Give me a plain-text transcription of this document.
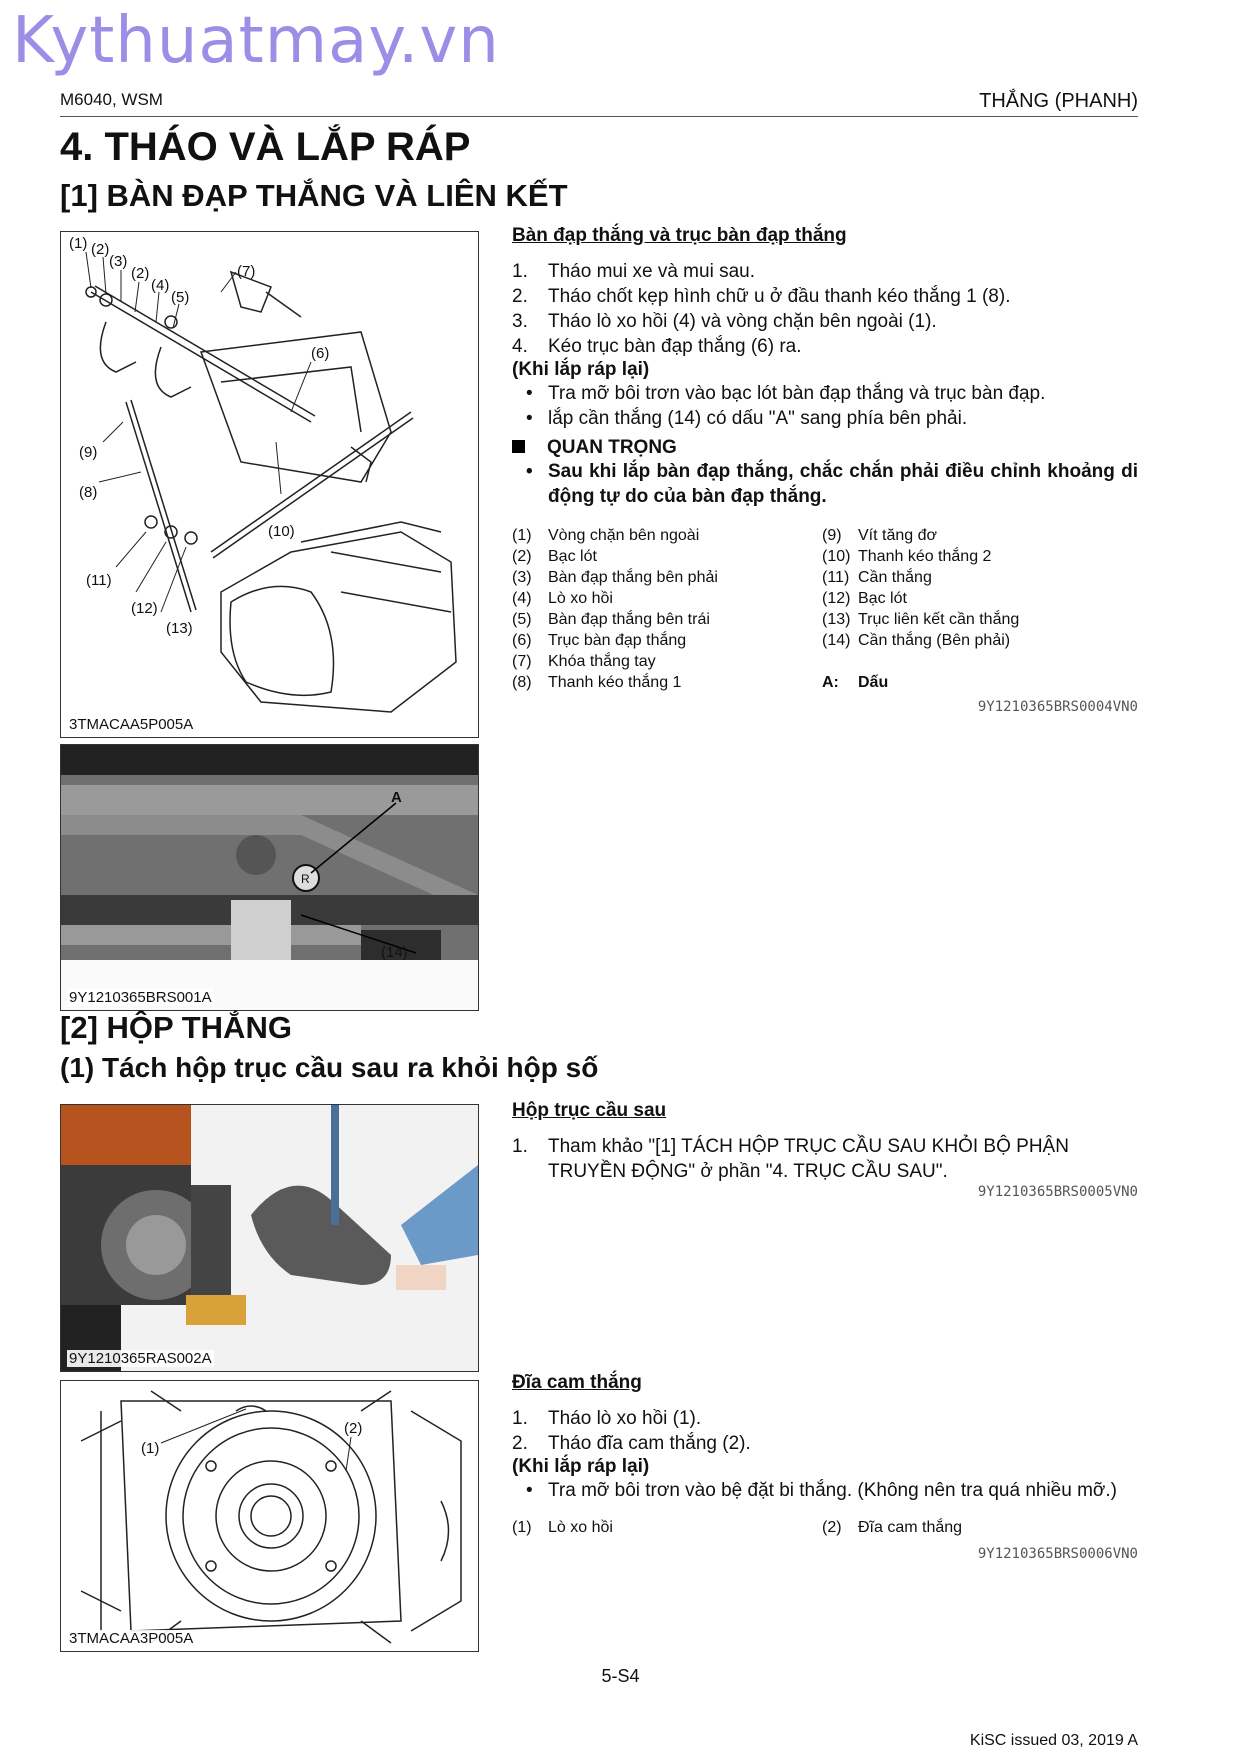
Kythuatmay.vn
M6040, WSM	THẮNG (PHANH)
4. THÁO VÀ LẮP RÁP
[1] BÀN ĐẠP THẮNG VÀ LIÊN KẾT
(1) (2)
(3)
(2)
(4)
(5)
(7)
(6)
(9)
(8)
(10)
(11)
(12)
(13)
3TMACAA5P005A
R
A
(14)
9Y1210365BRS001A
Bàn đạp thắng và trục bàn đạp thắng
1. Tháo mui xe và mui sau.
2. Tháo chốt kẹp hình chữ u ở đầu thanh kéo thắng 1 (8).
3. Tháo lò xo hồi (4) và vòng chặn bên ngoài (1).
4. Kéo trục bàn đạp thắng (6) ra.
(Khi lắp ráp lại)
• Tra mỡ bôi trơn vào bạc lót bàn đạp thắng và trục bàn đạp.
• lắp cần thắng (14) có dấu "A" sang phía bên phải.
QUAN TRỌNG
• Sau khi lắp bàn đạp thắng, chắc chắn phải điều chỉnh khoảng di động tự do của bàn đạp thắng.
(1) Vòng chặn bên ngoài
(2) Bạc lót
(3) Bàn đạp thắng bên phải
(4) Lò xo hồi
(5) Bàn đạp thắng bên trái
(6) Trục bàn đạp thắng
(7) Khóa thắng tay
(8) Thanh kéo thắng 1
(9) Vít tăng đơ
(10) Thanh kéo thắng 2
(11) Cần thắng
(12) Bạc lót
(13) Trục liên kết cần thắng
(14) Cần thắng (Bên phải)
A: Dấu
9Y1210365BRS0004VN0
[2] HỘP THẮNG
(1) Tách hộp trục cầu sau ra khỏi hộp số
9Y1210365RAS002A
Hộp trục cầu sau
1. Tham khảo "[1] TÁCH HỘP TRỤC CẦU SAU KHỎI BỘ PHẬN TRUYỀN ĐỘNG" ở phần "4. TRỤC CẦU SAU".
9Y1210365BRS0005VN0
(1)
(2)
3TMACAA3P005A
Đĩa cam thắng
1. Tháo lò xo hồi (1).
2. Tháo đĩa cam thắng (2).
(Khi lắp ráp lại)
• Tra mỡ bôi trơn vào bệ đặt bi thắng. (Không nên tra quá nhiều mỡ.)
(1) Lò xo hồi	(2) Đĩa cam thắng
9Y1210365BRS0006VN0
5-S4
KiSC issued 03, 2019 A
